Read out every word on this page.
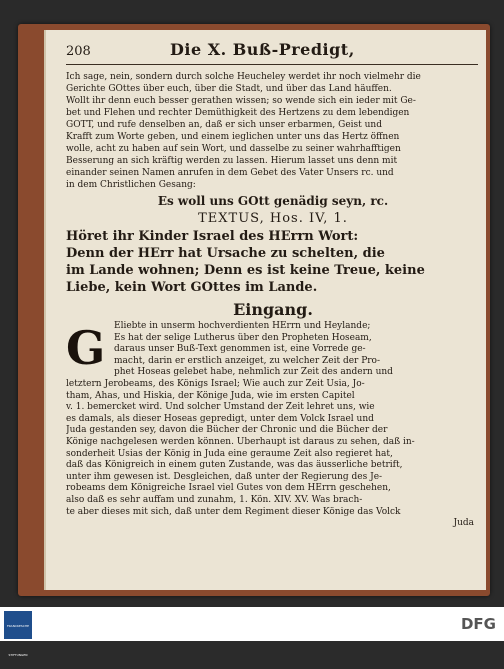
208	Die X. Buß-Predigt,
Ich sage, nein, sondern durch solche Heucheley werdet ihr noch vielmehr die
Gerichte GOttes über euch, über die Stadt, und über das Land häuffen.
Wollt ihr denn euch besser gerathen wissen; so wende sich ein ieder mit Ge-
bet und Flehen und rechter Demüthigkeit des Hertzens zu dem lebendigen
GOTT, und rufe denselben an, daß er sich unser erbarmen, Geist und
Krafft zum Worte geben, und einem ieglichen unter uns das Hertz öffnen
wolle, acht zu haben auf sein Wort, und dasselbe zu seiner wahrhafftigen
Besserung an sich kräftig werden zu lassen. Hierum lasset uns denn mit
einander seinen Namen anrufen in dem Gebet des Vater Unsers rc. und
in dem Christlichen Gesang:
Es woll uns GOtt genädig seyn, rc.
TEXTUS, Hos. IV, 1.
Höret ihr Kinder Israel des HErrn Wort:
Denn der HErr hat Ursache zu schelten, die
im Lande wohnen; Denn es ist keine Treue, keine
Liebe, kein Wort GOttes im Lande.
Eingang.
G Eliebte in unserm hochverdienten HErrn und Heylande;
Es hat der selige Lutherus über den Propheten Hoseam,
daraus unser Buß-Text genommen ist, eine Vorrede ge-
macht, darin er erstlich anzeiget, zu welcher Zeit der Pro-
phet Hoseas gelebet habe, nehmlich zur Zeit des andern und
letztern Jerobeams, des Königs Israel; Wie auch zur Zeit Usia, Jo-
tham, Ahas, und Hiskia, der Könige Juda, wie im ersten Capitel
v. 1. bemercket wird. Und solcher Umstand der Zeit lehret uns, wie
es damals, als dieser Hoseas gepredigt, unter dem Volck Israel und
Juda gestanden sey, davon die Bücher der Chronic und die Bücher der
Könige nachgelesen werden können. Überhaupt ist daraus zu sehen, daß in-
sonderheit Usias der König in Juda eine geraume Zeit also regieret hat,
daß das Königreich in einem guten Zustande, was das äusserliche betrift,
unter ihm gewesen ist. Desgleichen, daß unter der Regierung des Je-
robeams dem Königreiche Israel viel Gutes von dem HErrn geschehen,
also daß es sehr auffam und zunahm, 1. Kön. XIV. XV. Was brach-
te aber dieses mit sich, daß unter dem Regiment dieser Könige das Volck
Juda
FRANCKESCHE STIFTUNGEN
DFG
